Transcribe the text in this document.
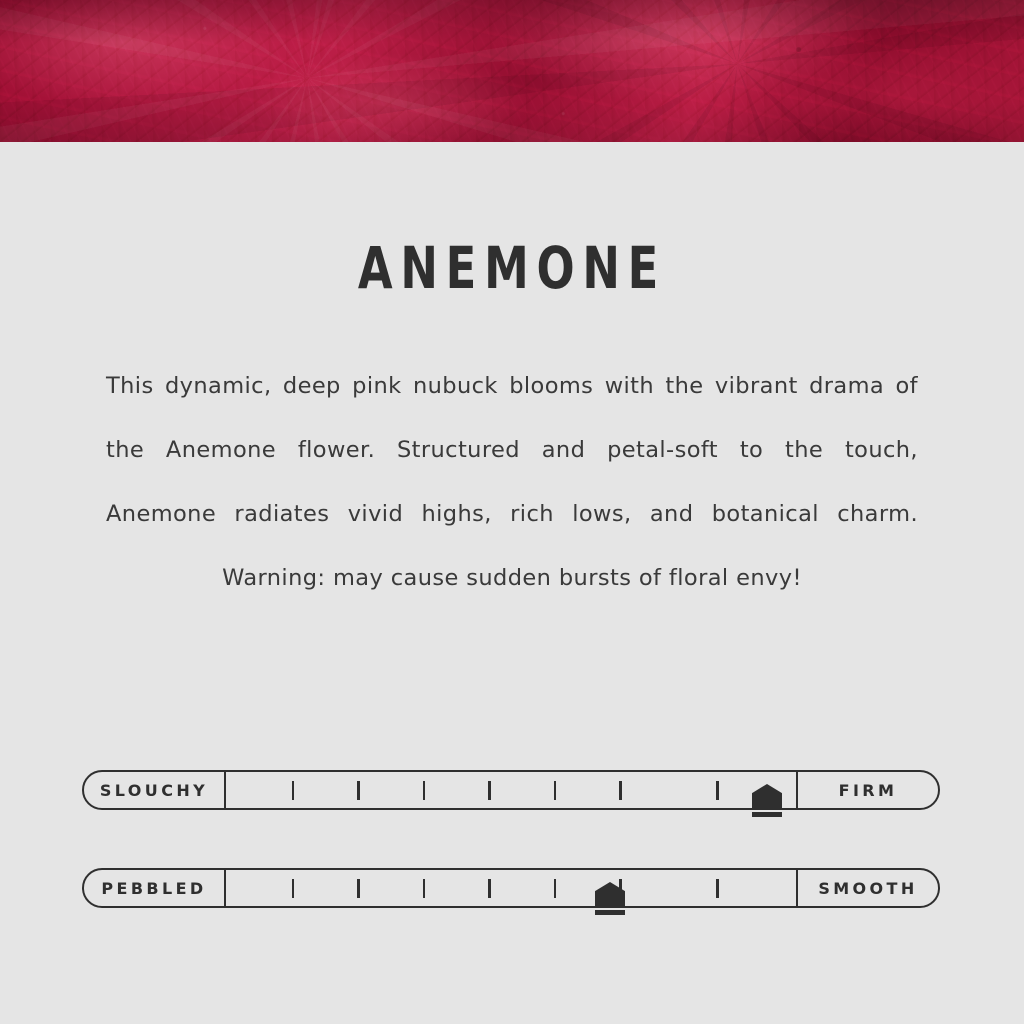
ANEMONE

This dynamic, deep pink nubuck blooms with the vibrant drama of

the Anemone flower. Structured and petal-soft to the touch,

Anemone radiates vivid highs, rich lows, and botanical charm.

Warning: may cause sudden bursts of floral envy!

SLOUCHY	FIRM
PEBBLED	SMOOTH
